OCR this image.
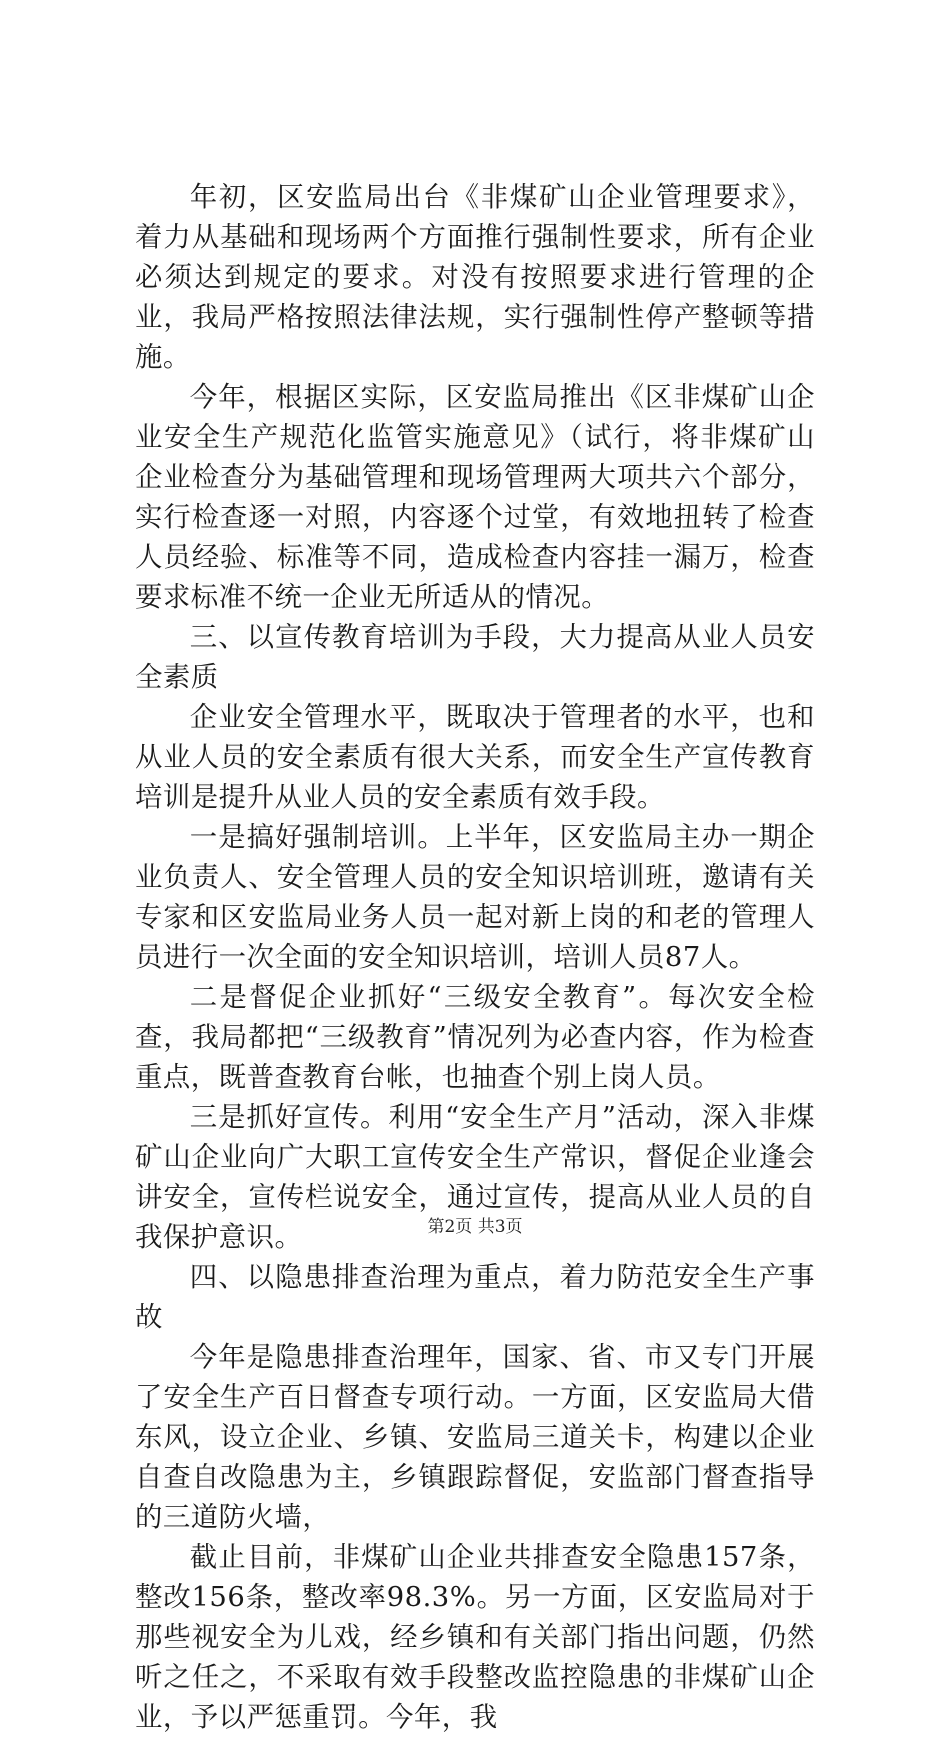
年初，区安监局出台《非煤矿山企业管理要求》，着力从基础和现场两个方面推行强制性要求，所有企业必须达到规定的要求。对没有按照要求进行管理的企业，我局严格按照法律法规，实行强制性停产整顿等措施。

今年，根据区实际，区安监局推出《区非煤矿山企业安全生产规范化监管实施意见》（试行，将非煤矿山企业检查分为基础管理和现场管理两大项共六个部分，实行检查逐一对照，内容逐个过堂，有效地扭转了检查人员经验、标准等不同，造成检查内容挂一漏万，检查要求标准不统一企业无所适从的情况。

三、以宣传教育培训为手段，大力提高从业人员安全素质

企业安全管理水平，既取决于管理者的水平，也和从业人员的安全素质有很大关系，而安全生产宣传教育培训是提升从业人员的安全素质有效手段。

一是搞好强制培训。上半年，区安监局主办一期企业负责人、安全管理人员的安全知识培训班，邀请有关专家和区安监局业务人员一起对新上岗的和老的管理人员进行一次全面的安全知识培训，培训人员87人。

二是督促企业抓好“三级安全教育”。每次安全检查，我局都把“三级教育”情况列为必查内容，作为检查重点，既普查教育台帐，也抽查个别上岗人员。

三是抓好宣传。利用“安全生产月”活动，深入非煤矿山企业向广大职工宣传安全生产常识，督促企业逢会讲安全，宣传栏说安全，通过宣传，提高从业人员的自我保护意识。

四、以隐患排查治理为重点，着力防范安全生产事故

今年是隐患排查治理年，国家、省、市又专门开展了安全生产百日督查专项行动。一方面，区安监局大借东风，设立企业、乡镇、安监局三道关卡，构建以企业自查自改隐患为主，乡镇跟踪督促，安监部门督查指导的三道防火墙，

截止目前，非煤矿山企业共排查安全隐患157条，整改156条，整改率98.3%。另一方面，区安监局对于那些视安全为儿戏，经乡镇和有关部门指出问题，仍然听之任之，不采取有效手段整改监控隐患的非煤矿山企业，予以严惩重罚。今年，我

第2页 共3页
